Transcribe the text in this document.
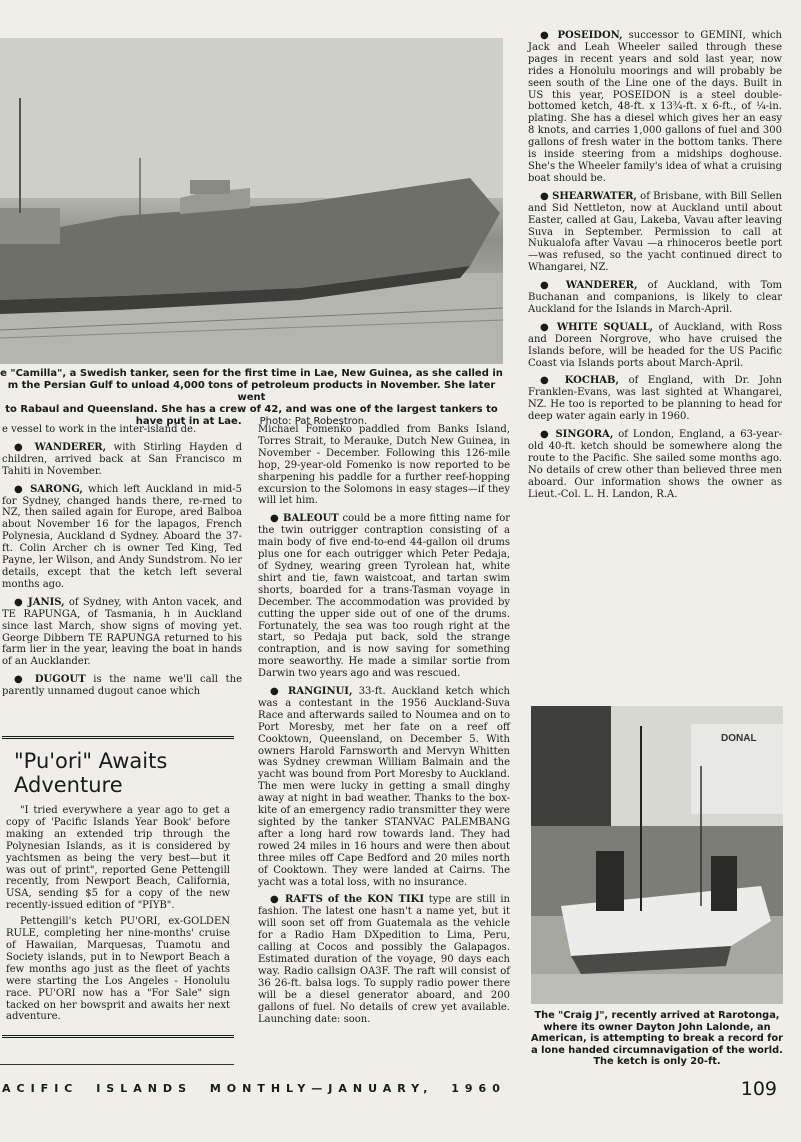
e "Camilla", a Swedish tanker, seen for the first time in Lae, New Guinea, as she called in
m the Persian Gulf to unload 4,000 tons of petroleum products in November. She later went
to Rabaul and Queensland. She has a crew of 42, and was one of the largest tankers to
have put in at Lae. Photo: Pat Robestron.

e vessel to work in the inter-island de.

● WANDERER, with Stirling Hayden d children, arrived back at San Francisco m Tahiti in November.

● SARONG, which left Auckland in mid-5 for Sydney, changed hands there, re-rned to NZ, then sailed again for Europe, ared Balboa about November 16 for the lapagos, French Polynesia, Auckland d Sydney. Aboard the 37-ft. Colin Archer ch is owner Ted King, Ted Payne, ler Wilson, and Andy Sundstrom. No ier details, except that the ketch left several months ago.

● JANIS, of Sydney, with Anton vacek, and TE RAPUNGA, of Tasmania, h in Auckland since last March, show signs of moving yet. George Dibbern TE RAPUNGA returned to his farm lier in the year, leaving the boat in hands of an Aucklander.

● DUGOUT is the name we'll call the parently unnamed dugout canoe which

"Pu'ori" Awaits
Adventure

"I tried everywhere a year ago to get a copy of 'Pacific Islands Year Book' before making an extended trip through the Polynesian Islands, as it is considered by yachtsmen as being the very best—but it was out of print", reported Gene Pettengill recently, from Newport Beach, California, USA, sending $5 for a copy of the new recently-issued edition of "PIYB".

Pettengill's ketch PU'ORI, ex-GOLDEN RULE, completing her nine-months' cruise of Hawaiian, Marquesas, Tuamotu and Society islands, put in to Newport Beach a few months ago just as the fleet of yachts were starting the Los Angeles - Honolulu race. PU'ORI now has a "For Sale" sign tacked on her bowsprit and awaits her next adventure.

Michael Fomenko paddled from Banks Island, Torres Strait, to Merauke, Dutch New Guinea, in November - December. Following this 126-mile hop, 29-year-old Fomenko is now reported to be sharpening his paddle for a further reef-hopping excursion to the Solomons in easy stages—if they will let him.

● BALEOUT could be a more fitting name for the twin outrigger contraption consisting of a main body of five end-to-end 44-gallon oil drums plus one for each outrigger which Peter Pedaja, of Sydney, wearing green Tyrolean hat, white shirt and tie, fawn waistcoat, and tartan swim shorts, boarded for a trans-Tasman voyage in December. The accommodation was provided by cutting the upper side out of one of the drums. Fortunately, the sea was too rough right at the start, so Pedaja put back, sold the strange contraption, and is now saving for something more seaworthy. He made a similar sortie from Darwin two years ago and was rescued.

● RANGINUI, 33-ft. Auckland ketch which was a contestant in the 1956 Auckland-Suva Race and afterwards sailed to Noumea and on to Port Moresby, met her fate on a reef off Cooktown, Queensland, on December 5. With owners Harold Farnsworth and Mervyn Whitten was Sydney crewman William Balmain and the yacht was bound from Port Moresby to Auckland. The men were lucky in getting a small dinghy away at night in bad weather. Thanks to the box-kite of an emergency radio transmitter they were sighted by the tanker STANVAC PALEMBANG after a long hard row towards land. They had rowed 24 miles in 16 hours and were then about three miles off Cape Bedford and 20 miles north of Cooktown. They were landed at Cairns. The yacht was a total loss, with no insurance.

● RAFTS of the KON TIKI type are still in fashion. The latest one hasn't a name yet, but it will soon set off from Guatemala as the vehicle for a Radio Ham DXpedition to Lima, Peru, calling at Cocos and possibly the Galapagos. Estimated duration of the voyage, 90 days each way. Radio callsign OA3F. The raft will consist of 36 26-ft. balsa logs. To supply radio power there will be a diesel generator aboard, and 200 gallons of fuel. No details of crew yet available. Launching date: soon.

● POSEIDON, successor to GEMINI, which Jack and Leah Wheeler sailed through these pages in recent years and sold last year, now rides a Honolulu moorings and will probably be seen south of the Line one of the days. Built in US this year, POSEIDON is a steel double-bottomed ketch, 48-ft. x 13¾-ft. x 6-ft., of ¼-in. plating. She has a diesel which gives her an easy 8 knots, and carries 1,000 gallons of fuel and 300 gallons of fresh water in the bottom tanks. There is inside steering from a midships doghouse. She's the Wheeler family's idea of what a cruising boat should be.

● SHEARWATER, of Brisbane, with Bill Sellen and Sid Nettleton, now at Auckland until about Easter, called at Gau, Lakeba, Vavau after leaving Suva in September. Permission to call at Nukualofa after Vavau —a rhinoceros beetle port—was refused, so the yacht continued direct to Whangarei, NZ.

● WANDERER, of Auckland, with Tom Buchanan and companions, is likely to clear Auckland for the Islands in March-April.

● WHITE SQUALL, of Auckland, with Ross and Doreen Norgrove, who have cruised the Islands before, will be headed for the US Pacific Coast via Islands ports about March-April.

● KOCHAB, of England, with Dr. John Franklen-Evans, was last sighted at Whangarei, NZ. He too is reported to be planning to head for deep water again early in 1960.

● SINGORA, of London, England, a 63-year-old 40-ft. ketch should be somewhere along the route to the Pacific. She sailed some months ago. No details of crew other than believed three men aboard. Our information shows the owner as Lieut.-Col. L. H. Landon, R.A.

DONAL
The "Craig J", recently arrived at Rarotonga, where its owner Dayton John Lalonde, an American, is attempting to break a record for a lone handed circumnavigation of the world. The ketch is only 20-ft.
ACIFIC ISLANDS MONTHLY—JANUARY, 1960	109
